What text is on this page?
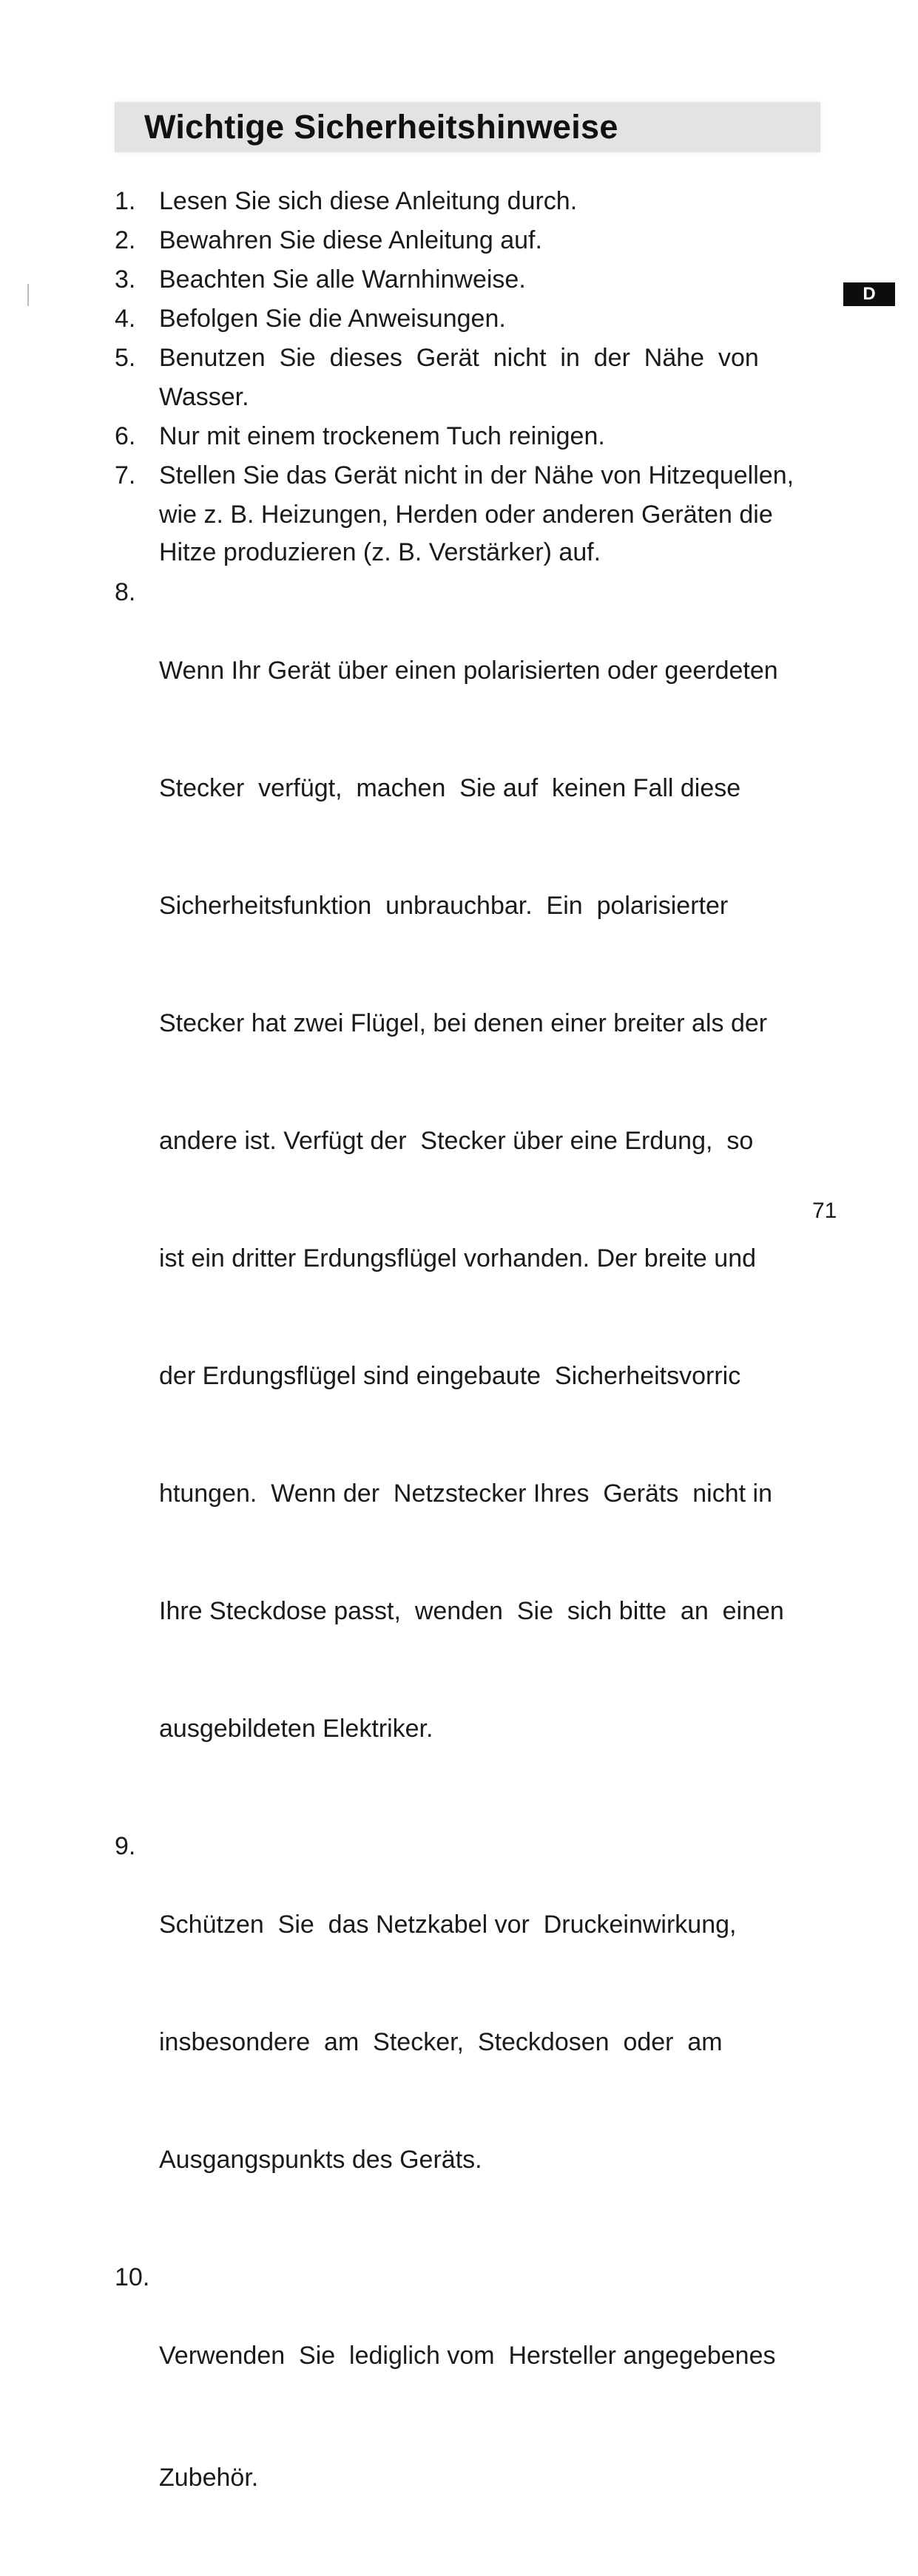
Wichtige Sicherheitshinweise
D
1. Lesen Sie sich diese Anleitung durch.
2. Bewahren Sie diese Anleitung auf.
3. Beachten Sie alle Warnhinweise.
4. Befolgen Sie die Anweisungen.
5. Benutzen  Sie  dieses  Gerät  nicht  in  der  Nähe  von
Wasser.
6. Nur mit einem trockenem Tuch reinigen.
7. Stellen Sie das Gerät nicht in der Nähe von Hitzequellen,
wie z. B. Heizungen, Herden oder anderen Geräten die
Hitze produzieren (z. B. Verstärker) auf.
8.

Wenn Ihr Gerät über einen polarisierten oder geerdeten

Stecker  verfügt,  machen  Sie auf  keinen Fall diese

Sicherheitsfunktion  unbrauchbar.  Ein  polarisierter

Stecker hat zwei Flügel, bei denen einer breiter als der

andere ist. Verfügt der  Stecker über eine Erdung,  so

ist ein dritter Erdungsflügel vorhanden. Der breite und

der Erdungsflügel sind eingebaute  Sicherheitsvorric

htungen.  Wenn der  Netzstecker Ihres  Geräts  nicht in

Ihre Steckdose passt,  wenden  Sie  sich bitte  an  einen

ausgebildeten Elektriker.

9.

Schützen  Sie  das Netzkabel vor  Druckeinwirkung,

insbesondere  am  Stecker,  Steckdosen  oder  am

Ausgangspunkts des Geräts.

10.

Verwenden  Sie  lediglich vom  Hersteller angegebenes

Zubehör.

71
